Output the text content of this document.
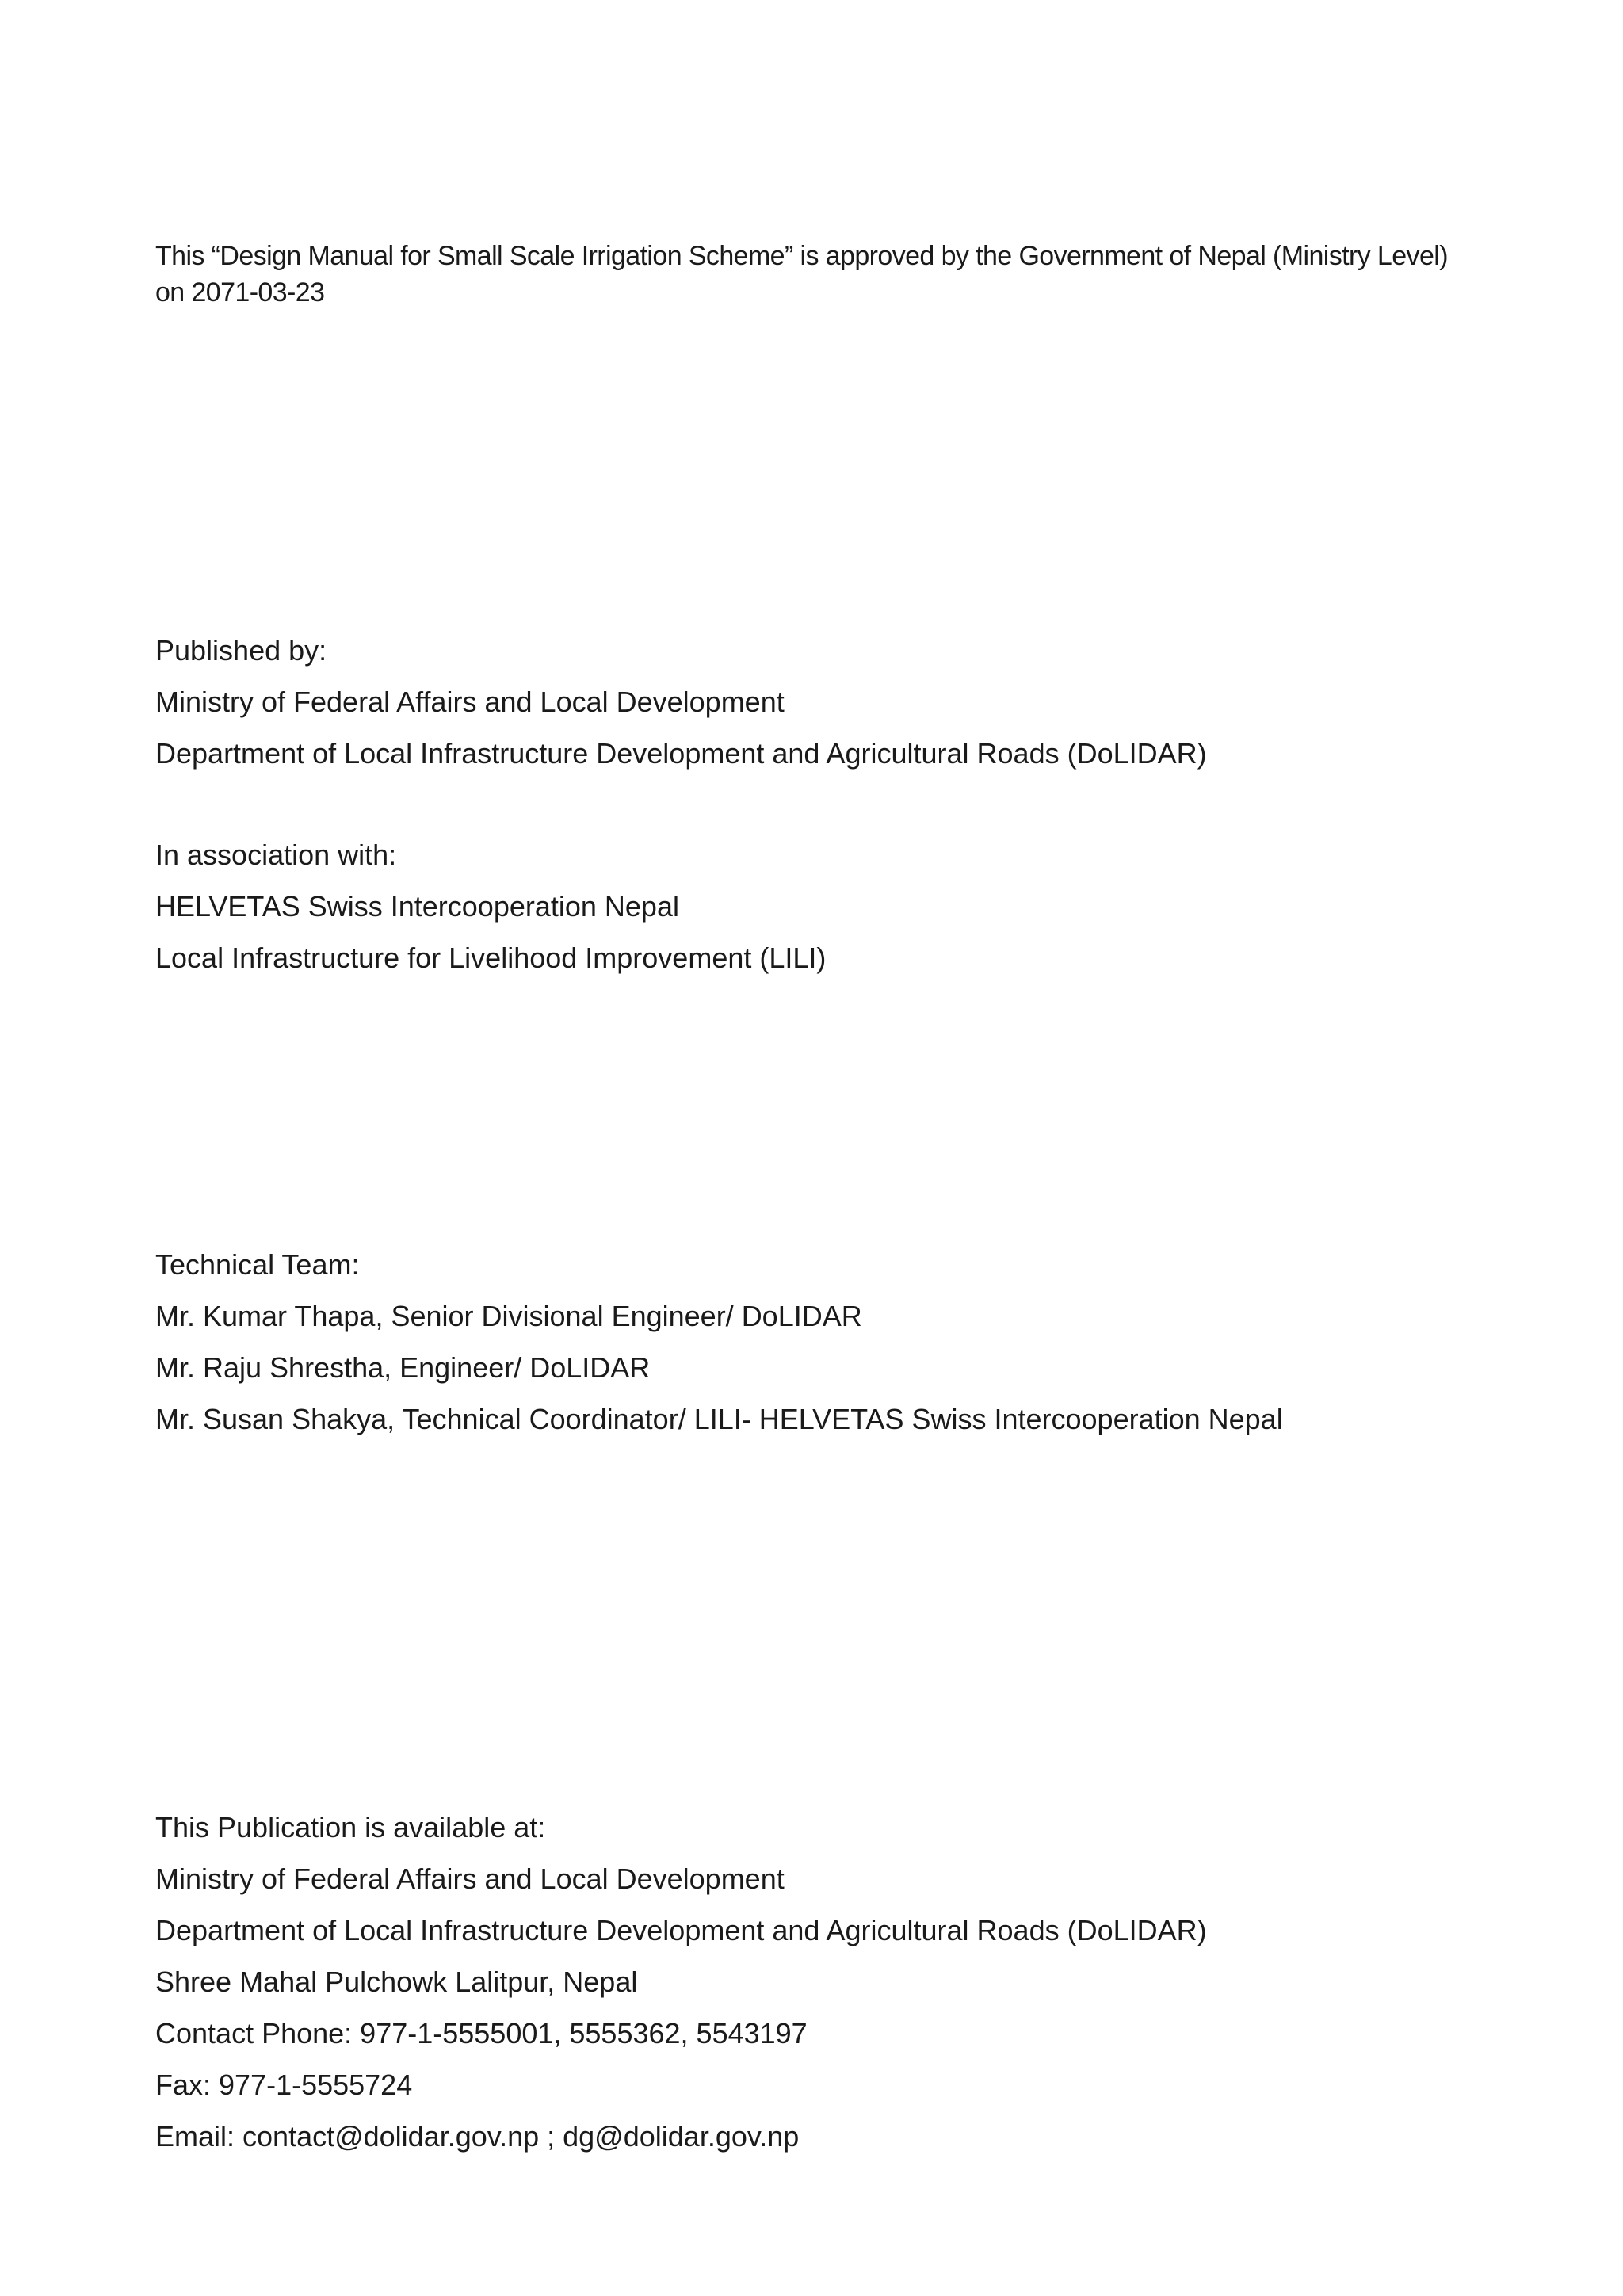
This “Design Manual for Small Scale Irrigation Scheme” is approved by the Government of Nepal (Ministry Level) on 2071-03-23
Published by:
Ministry of Federal Affairs and Local Development
Department of Local Infrastructure Development and Agricultural Roads (DoLIDAR)
In association with:
HELVETAS Swiss Intercooperation Nepal
Local Infrastructure for Livelihood Improvement (LILI)
Technical Team:
Mr. Kumar Thapa, Senior Divisional Engineer/ DoLIDAR
Mr. Raju Shrestha, Engineer/ DoLIDAR
Mr. Susan Shakya, Technical Coordinator/ LILI- HELVETAS Swiss Intercooperation Nepal
This Publication is available at:
Ministry of Federal Affairs and Local Development
Department of Local Infrastructure Development and Agricultural Roads (DoLIDAR)
Shree Mahal Pulchowk Lalitpur, Nepal
Contact Phone: 977-1-5555001, 5555362, 5543197
Fax: 977-1-5555724
Email: contact@dolidar.gov.np ; dg@dolidar.gov.np
